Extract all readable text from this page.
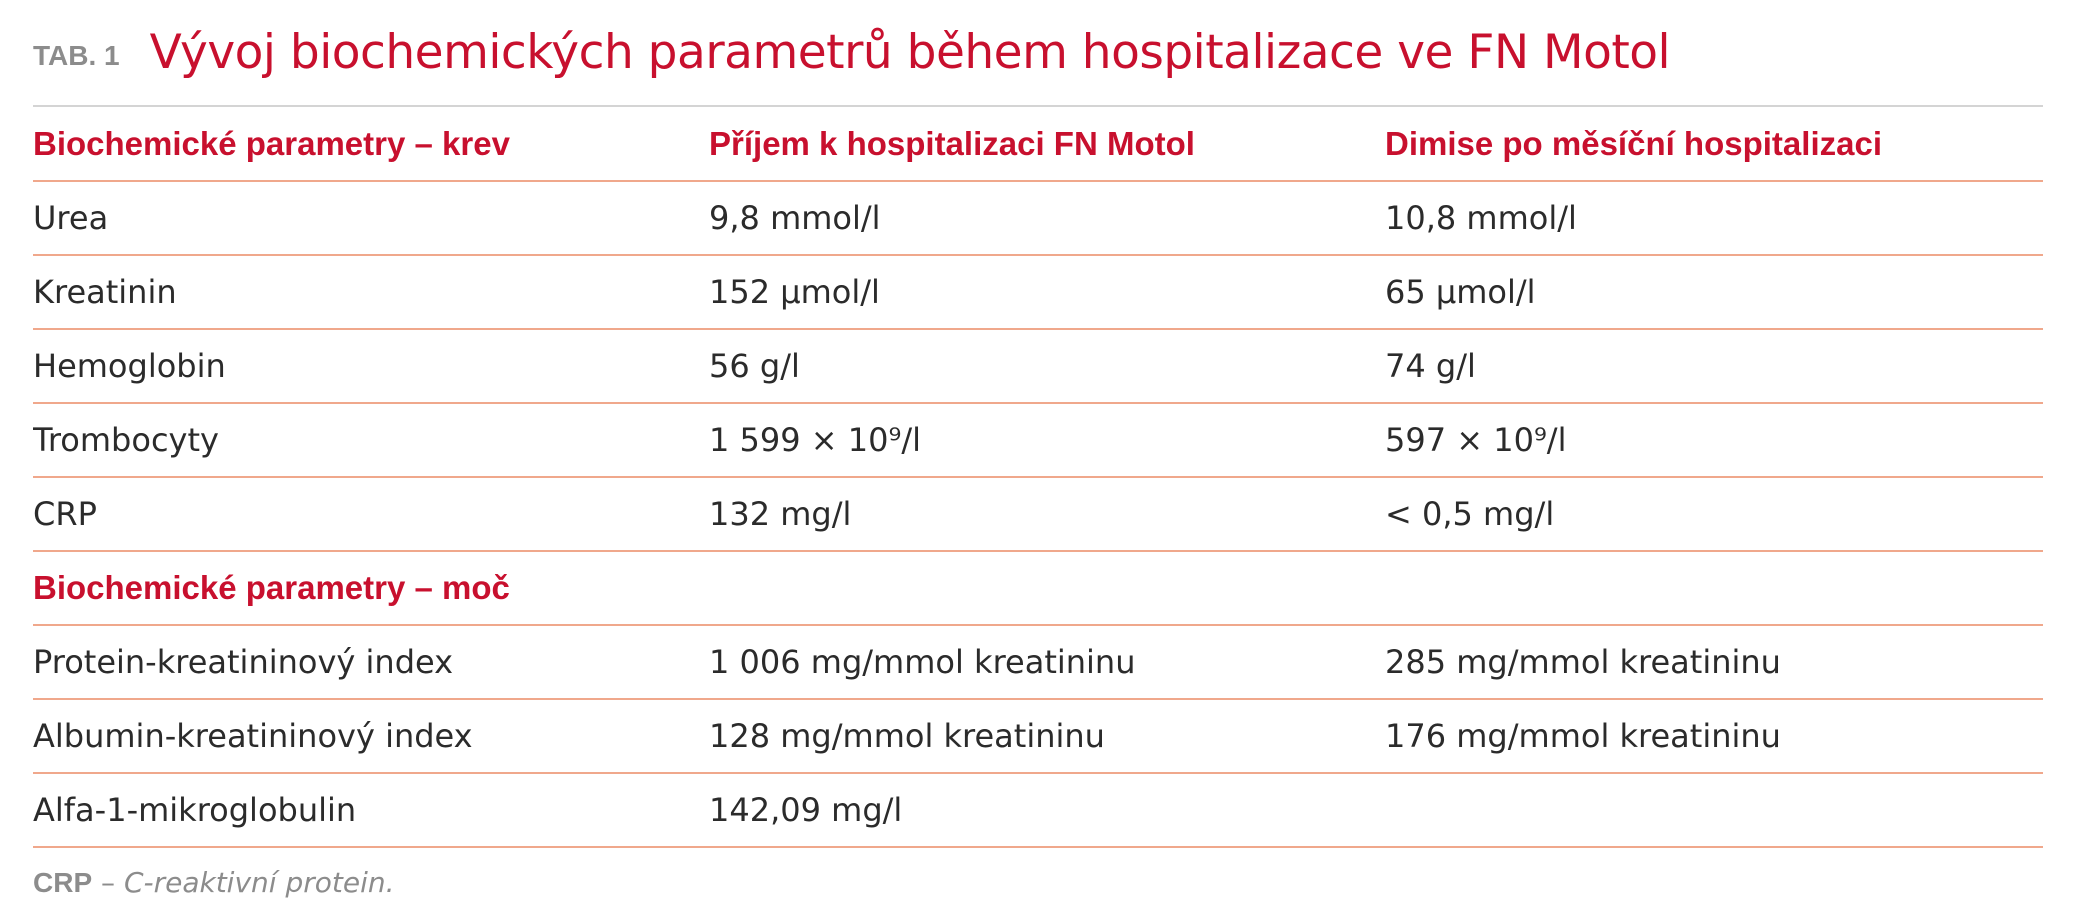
TAB. 1 Vývoj biochemických parametrů během hospitalizace ve FN Motol
Biochemické parametry – krev	Příjem k hospitalizaci FN Motol	Dimise po měsíční hospitalizaci
Urea	9,8 mmol/l	10,8 mmol/l
Kreatinin	152 μmol/l	65 μmol/l
Hemoglobin	56 g/l	74 g/l
Trombocyty	1 599 × 10⁹/l	597 × 10⁹/l
CRP	132 mg/l	< 0,5 mg/l
Biochemické parametry – moč		
Protein-kreatininový index	1 006 mg/mmol kreatininu	285 mg/mmol kreatininu
Albumin-kreatininový index	128 mg/mmol kreatininu	176 mg/mmol kreatininu
Alfa-1-mikroglobulin	142,09 mg/l	
CRP – C-reaktivní protein.
